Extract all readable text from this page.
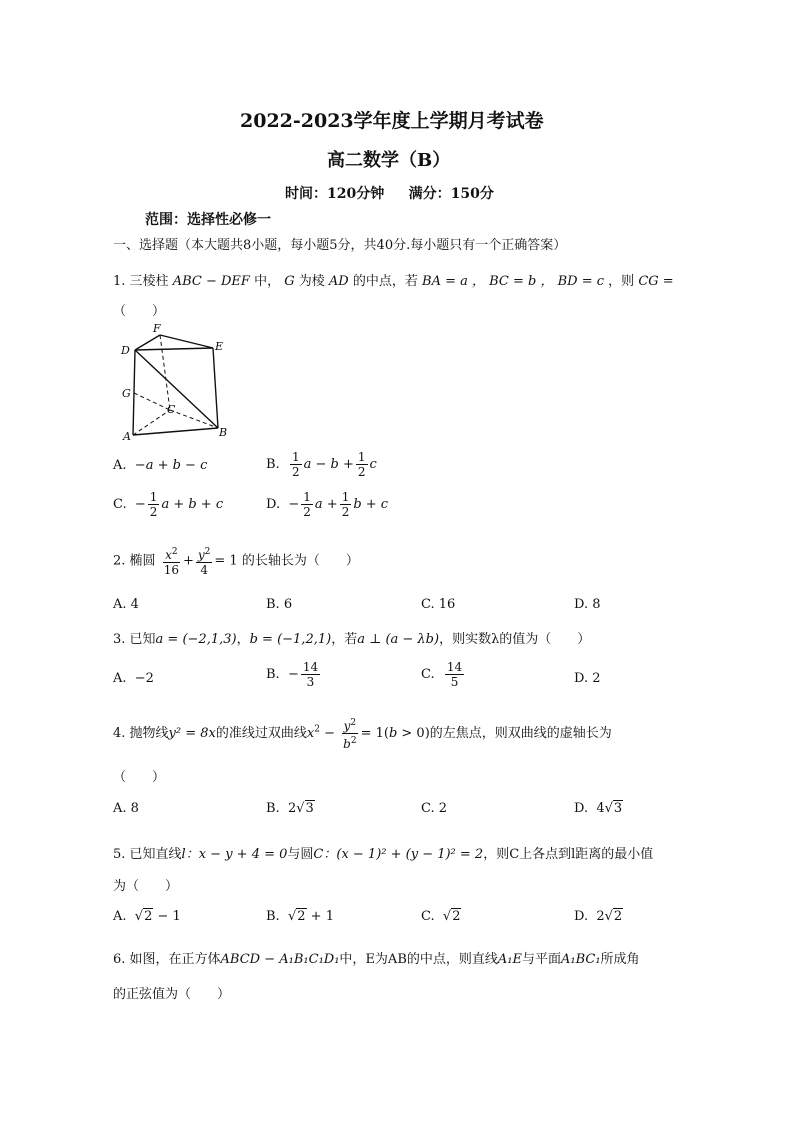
2022-2023学年度上学期月考试卷
高二数学（B）
时间：120分钟     满分：150分
范围：选择性必修一
一、选择题（本大题共8小题，每小题5分，共40分.每小题只有一个正确答案）
1. 三棱柱 ABC − DEF 中， G 为棱 AD 的中点，若 BA = a ， BC = b ， BD = c ，则 CG =
（　　）
F
D	E
G
C
A	B
A. −a + b − c	B. $\frac{1}{2}$ $a - b + \frac{1}{2}$ c
C.  − $\frac{1}{2}$ a + b + c	D.  − $\frac{1}{2}$ $a + \frac{1}{2}$ b + c
2. 椭圆 $\frac{x^2}{16} + \frac{y^2}{4} = 1$ 的长轴长为（　　）
A. 4	B. 6	C. 16	D. 8
3. 已知a = (−2,1,3)，b = (−1,2,1)，若a ⊥ (a − λb)，则实数λ的值为（　　）
A.  −2	B.  − $\frac{14}{3}$	C. $\frac{14}{5}$	D. 2
4. 抛物线y² = 8x的准线过双曲线$x^2 - \frac{y^2}{b^2} = 1(b > 0)$的左焦点，则双曲线的虚轴长为
（　　）
A. 8	B.  2√3	C. 2	D.  4√3
5. 已知直线l：x − y + 4 = 0与圆C：(x − 1)² + (y − 1)² = 2，则C上各点到l距离的最小值
为（　　）
A.  √2 − 1	B.  √2 + 1	C.  √2	D.  2√2
6. 如图，在正方体ABCD − A₁B₁C₁D₁中，E为AB的中点，则直线A₁E与平面A₁BC₁所成角
的正弦值为（　　）
